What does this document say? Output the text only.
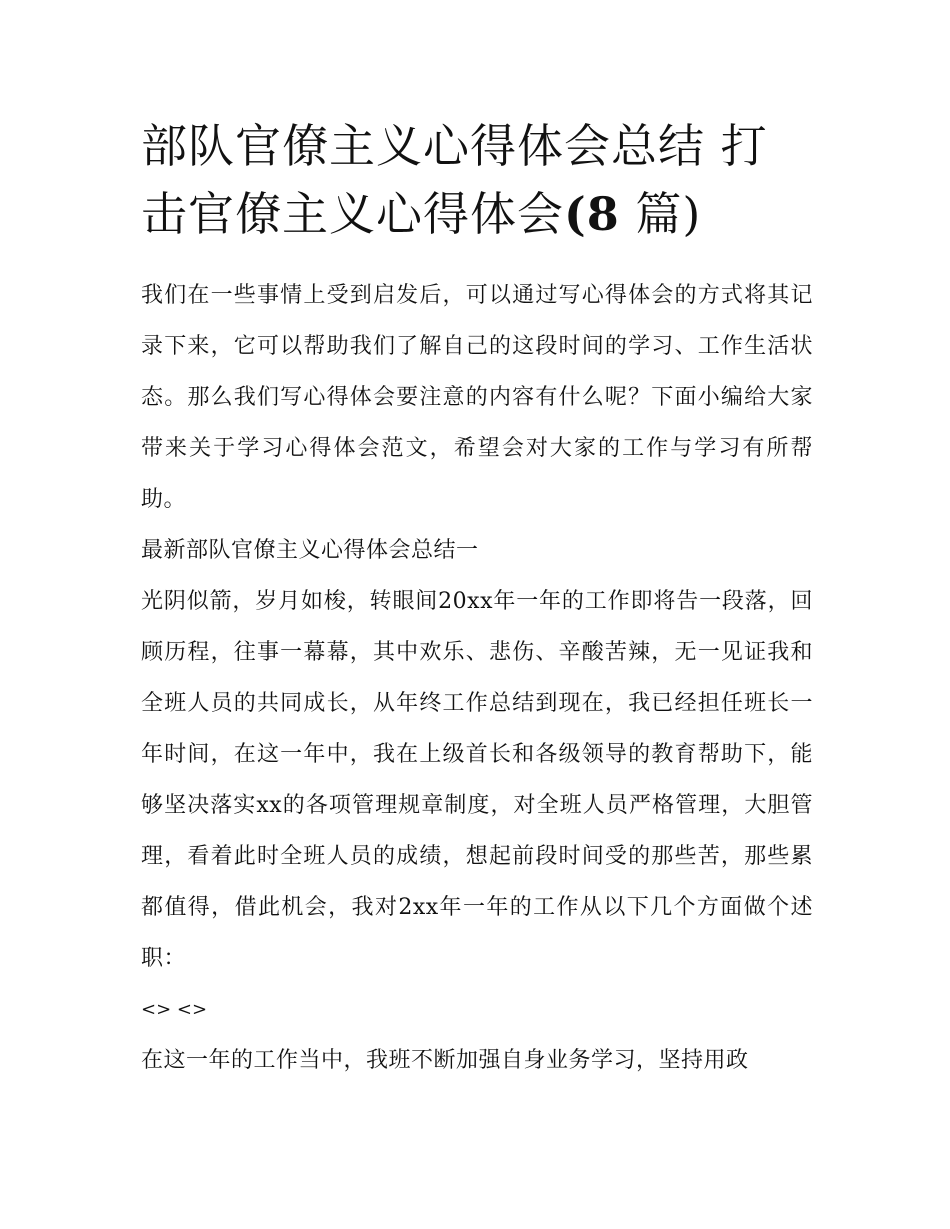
部队官僚主义心得体会总结 打击官僚主义心得体会(8 篇)

我们在一些事情上受到启发后，可以通过写心得体会的方式将其记录下来，它可以帮助我们了解自己的这段时间的学习、工作生活状态。那么我们写心得体会要注意的内容有什么呢？下面小编给大家带来关于学习心得体会范文，希望会对大家的工作与学习有所帮助。

最新部队官僚主义心得体会总结一

光阴似箭，岁月如梭，转眼间20xx年一年的工作即将告一段落，回顾历程，往事一幕幕，其中欢乐、悲伤、辛酸苦辣，无一见证我和全班人员的共同成长，从年终工作总结到现在，我已经担任班长一年时间，在这一年中，我在上级首长和各级领导的教育帮助下，能够坚决落实xx的各项管理规章制度，对全班人员严格管理，大胆管理，看着此时全班人员的成绩，想起前段时间受的那些苦，那些累都值得，借此机会，我对2xx年一年的工作从以下几个方面做个述职：

<> <>

在这一年的工作当中，我班不断加强自身业务学习，坚持用政
